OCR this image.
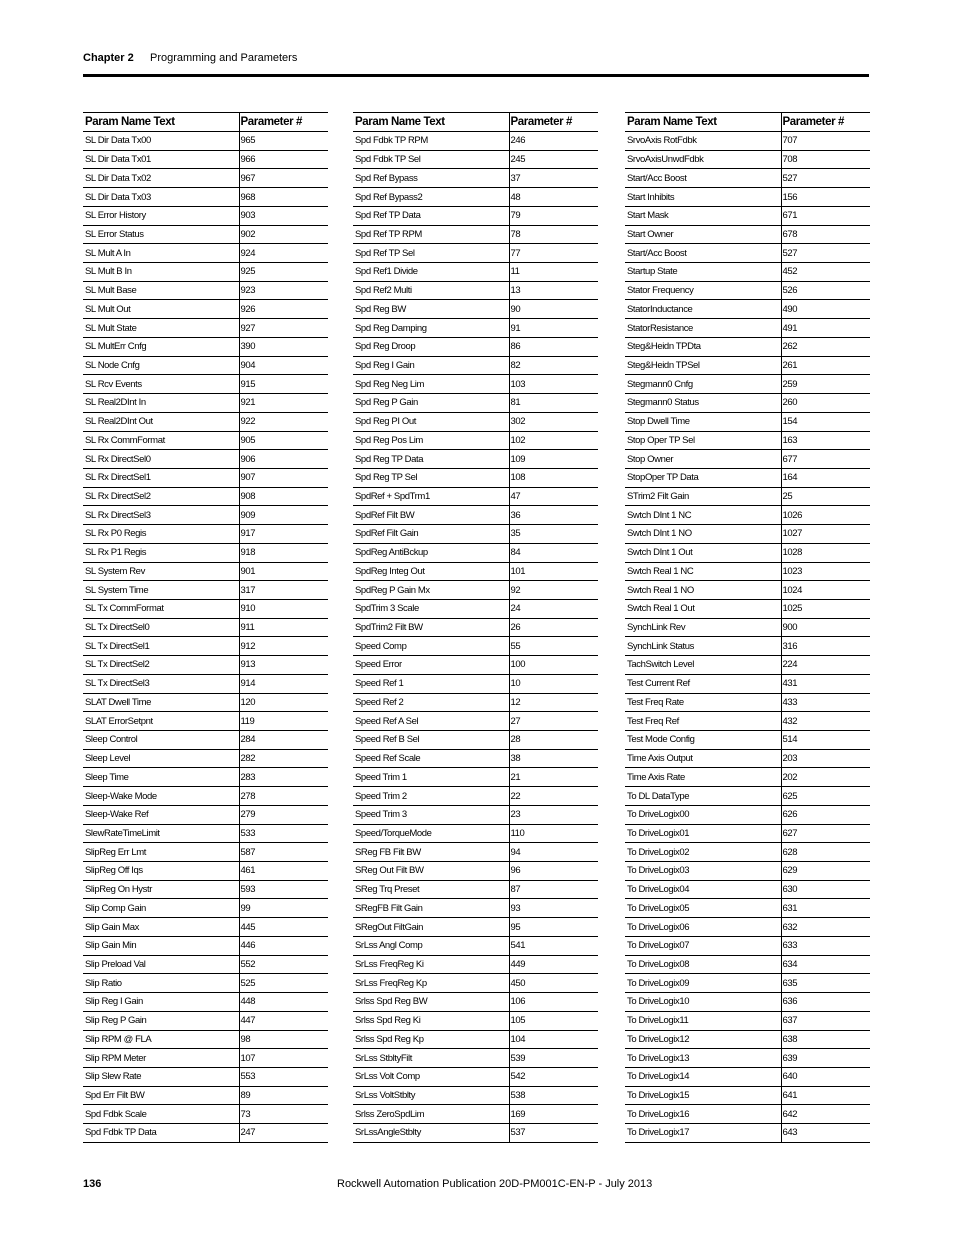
Chapter 2 Programming and Parameters
Param Name Text	Parameter #
SL Dir Data Tx00	965
SL Dir Data Tx01	966
SL Dir Data Tx02	967
SL Dir Data Tx03	968
SL Error History	903
SL Error Status	902
SL Mult A In	924
SL Mult B In	925
SL Mult Base	923
SL Mult Out	926
SL Mult State	927
SL MultErr Cnfg	390
SL Node Cnfg	904
SL Rcv Events	915
SL Real2DInt In	921
SL Real2DInt Out	922
SL Rx CommFormat	905
SL Rx DirectSel0	906
SL Rx DirectSel1	907
SL Rx DirectSel2	908
SL Rx DirectSel3	909
SL Rx P0 Regis	917
SL Rx P1 Regis	918
SL System Rev	901
SL System Time	317
SL Tx CommFormat	910
SL Tx DirectSel0	911
SL Tx DirectSel1	912
SL Tx DirectSel2	913
SL Tx DirectSel3	914
SLAT Dwell Time	120
SLAT ErrorSetpnt	119
Sleep Control	284
Sleep Level	282
Sleep Time	283
Sleep-Wake Mode	278
Sleep-Wake Ref	279
SlewRateTimeLimit	533
SlipReg Err Lmt	587
SlipReg Off Iqs	461
SlipReg On Hystr	593
Slip Comp Gain	99
Slip Gain Max	445
Slip Gain Min	446
Slip Preload Val	552
Slip Ratio	525
Slip Reg I Gain	448
Slip Reg P Gain	447
Slip RPM @ FLA	98
Slip RPM Meter	107
Slip Slew Rate	553
Spd Err Filt BW	89
Spd Fdbk Scale	73
Spd Fdbk TP Data	247
Param Name Text	Parameter #
Spd Fdbk TP RPM	246
Spd Fdbk TP Sel	245
Spd Ref Bypass	37
Spd Ref Bypass2	48
Spd Ref TP Data	79
Spd Ref TP RPM	78
Spd Ref TP Sel	77
Spd Ref1 Divide	11
Spd Ref2 Multi	13
Spd Reg BW	90
Spd Reg Damping	91
Spd Reg Droop	86
Spd Reg I Gain	82
Spd Reg Neg Lim	103
Spd Reg P Gain	81
Spd Reg PI Out	302
Spd Reg Pos Lim	102
Spd Reg TP Data	109
Spd Reg TP Sel	108
SpdRef + SpdTrm1	47
SpdRef Filt BW	36
SpdRef Filt Gain	35
SpdReg AntiBckup	84
SpdReg Integ Out	101
SpdReg P Gain Mx	92
SpdTrim 3 Scale	24
SpdTrim2 Filt BW	26
Speed Comp	55
Speed Error	100
Speed Ref 1	10
Speed Ref 2	12
Speed Ref A Sel	27
Speed Ref B Sel	28
Speed Ref Scale	38
Speed Trim 1	21
Speed Trim 2	22
Speed Trim 3	23
Speed/TorqueMode	110
SReg FB Filt BW	94
SReg Out Filt BW	96
SReg Trq Preset	87
SRegFB Filt Gain	93
SRegOut FiltGain	95
SrLss Angl Comp	541
SrLss FreqReg Ki	449
SrLss FreqReg Kp	450
Srlss Spd Reg BW	106
Srlss Spd Reg Ki	105
Srlss Spd Reg Kp	104
SrLss StbltyFilt	539
SrLss Volt Comp	542
SrLss VoltStblty	538
Srlss ZeroSpdLim	169
SrLssAngleStblty	537
Param Name Text	Parameter #
SrvoAxis RotFdbk	707
SrvoAxisUnwdFdbk	708
Start/Acc Boost	527
Start Inhibits	156
Start Mask	671
Start Owner	678
Start/Acc Boost	527
Startup State	452
Stator Frequency	526
StatorInductance	490
StatorResistance	491
Steg&Heidn TPDta	262
Steg&Heidn TPSel	261
Stegmann0 Cnfg	259
Stegmann0 Status	260
Stop Dwell Time	154
Stop Oper TP Sel	163
Stop Owner	677
StopOper TP Data	164
STrim2 Filt Gain	25
Swtch DInt 1 NC	1026
Swtch DInt 1 NO	1027
Swtch DInt 1 Out	1028
Swtch Real 1 NC	1023
Swtch Real 1 NO	1024
Swtch Real 1 Out	1025
SynchLink Rev	900
SynchLink Status	316
TachSwitch Level	224
Test Current Ref	431
Test Freq Rate	433
Test Freq Ref	432
Test Mode Config	514
Time Axis Output	203
Time Axis Rate	202
To DL DataType	625
To DriveLogix00	626
To DriveLogix01	627
To DriveLogix02	628
To DriveLogix03	629
To DriveLogix04	630
To DriveLogix05	631
To DriveLogix06	632
To DriveLogix07	633
To DriveLogix08	634
To DriveLogix09	635
To DriveLogix10	636
To DriveLogix11	637
To DriveLogix12	638
To DriveLogix13	639
To DriveLogix14	640
To DriveLogix15	641
To DriveLogix16	642
To DriveLogix17	643
136	Rockwell Automation Publication 20D-PM001C-EN-P - July 2013
